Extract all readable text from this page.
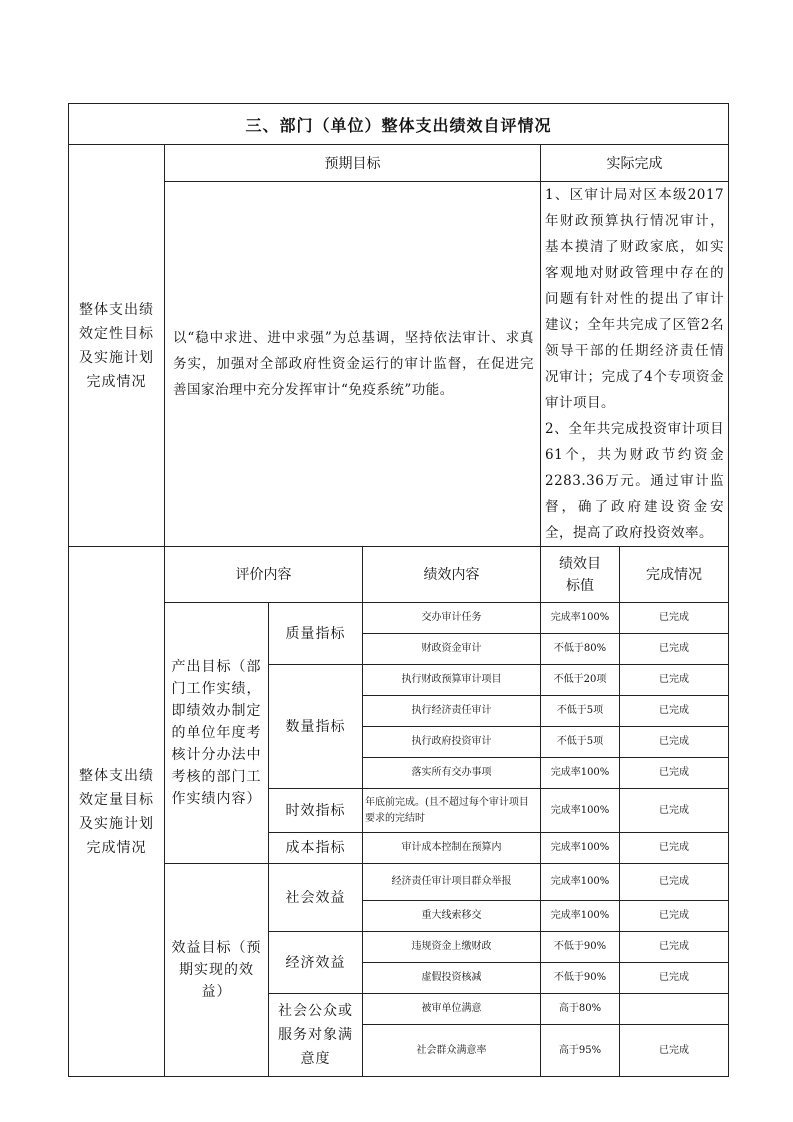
三、部门（单位）整体支出绩效自评情况					
整体支出绩效定性目标及实施计划完成情况	预期目标			实际完成	
	以“稳中求进、进中求强”为总基调，坚持依法审计、求真务实，加强对全部政府性资金运行的审计监督，在促进完善国家治理中充分发挥审计“免疫系统”功能。			1、区审计局对区本级2017年财政预算执行情况审计，基本摸清了财政家底，如实客观地对财政管理中存在的问题有针对性的提出了审计建议；全年共完成了区管2名领导干部的任期经济责任情况审计；完成了4个专项资金审计项目。
2、全年共完成投资审计项目61个，共为财政节约资金2283.36万元。通过审计监督，确了政府建设资金安全，提高了政府投资效率。	
整体支出绩效定量目标及实施计划完成情况	评价内容		绩效内容	绩效目标值	完成情况
	产出目标（部门工作实绩，即绩效办制定的单位年度考核计分办法中考核的部门工作实绩内容）	质量指标	交办审计任务	完成率100%	已完成
			财政资金审计	不低于80%	已完成
		数量指标	执行财政预算审计项目	不低于20项	已完成
			执行经济责任审计	不低于5项	已完成
			执行政府投资审计	不低于5项	已完成
			落实所有交办事项	完成率100%	已完成
		时效指标	年底前完成。(且不超过每个审计项目要求的完结时	完成率100%	已完成
		成本指标	审计成本控制在预算内	完成率100%	已完成
	效益目标（预期实现的效益）	社会效益	经济责任审计项目群众举报	完成率100%	已完成
			重大线索移交	完成率100%	已完成
		经济效益	违规资金上缴财政	不低于90%	已完成
			虚假投资核减	不低于90%	已完成
		社会公众或服务对象满意度	被审单位满意	高于80%	
			社会群众满意率	高于95%	已完成
